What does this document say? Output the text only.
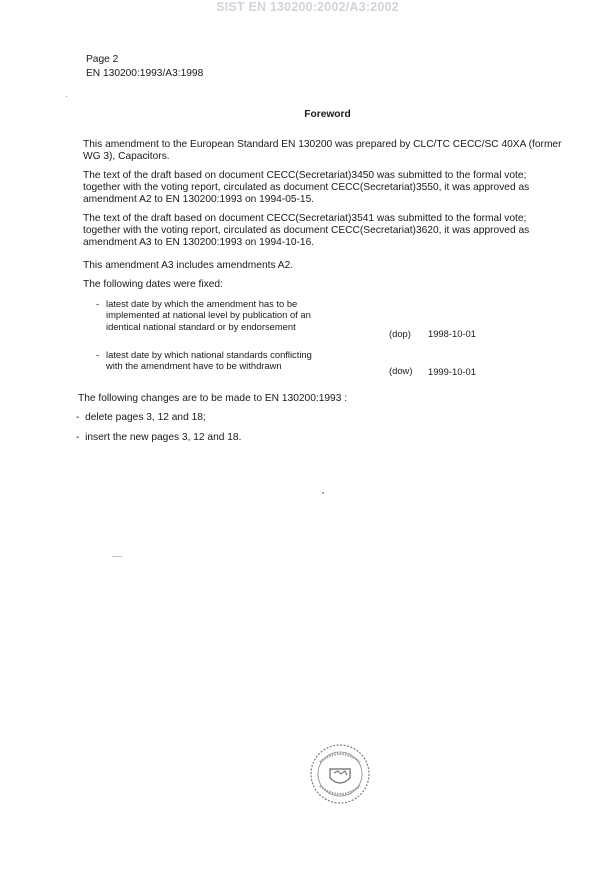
SIST EN 130200:2002/A3:2002
Page 2
EN 130200:1993/A3:1998
Foreword
This amendment to the European Standard EN 130200 was prepared by CLC/TC CECC/SC 40XA (former WG 3), Capacitors.
The text of the draft based on document CECC(Secretariat)3450 was submitted to the formal vote; together with the voting report, circulated as document CECC(Secretariat)3550, it was approved as amendment A2 to EN 130200:1993 on 1994-05-15.
The text of the draft based on document CECC(Secretariat)3541 was submitted to the formal vote; together with the voting report, circulated as document CECC(Secretariat)3620, it was approved as amendment A3 to EN 130200:1993 on 1994-10-16.
This amendment A3 includes amendments A2.
The following dates were fixed:
- latest date by which the amendment has to be
implemented at national level by publication of an
identical national standard or by endorsement
(dop) 1998-10-01
- latest date by which national standards conflicting
with the amendment have to be withdrawn	(dow) 1999-10-01
The following changes are to be made to EN 130200:1993 :
- delete pages 3, 12 and 18;
- insert the new pages 3, 12 and 18.
